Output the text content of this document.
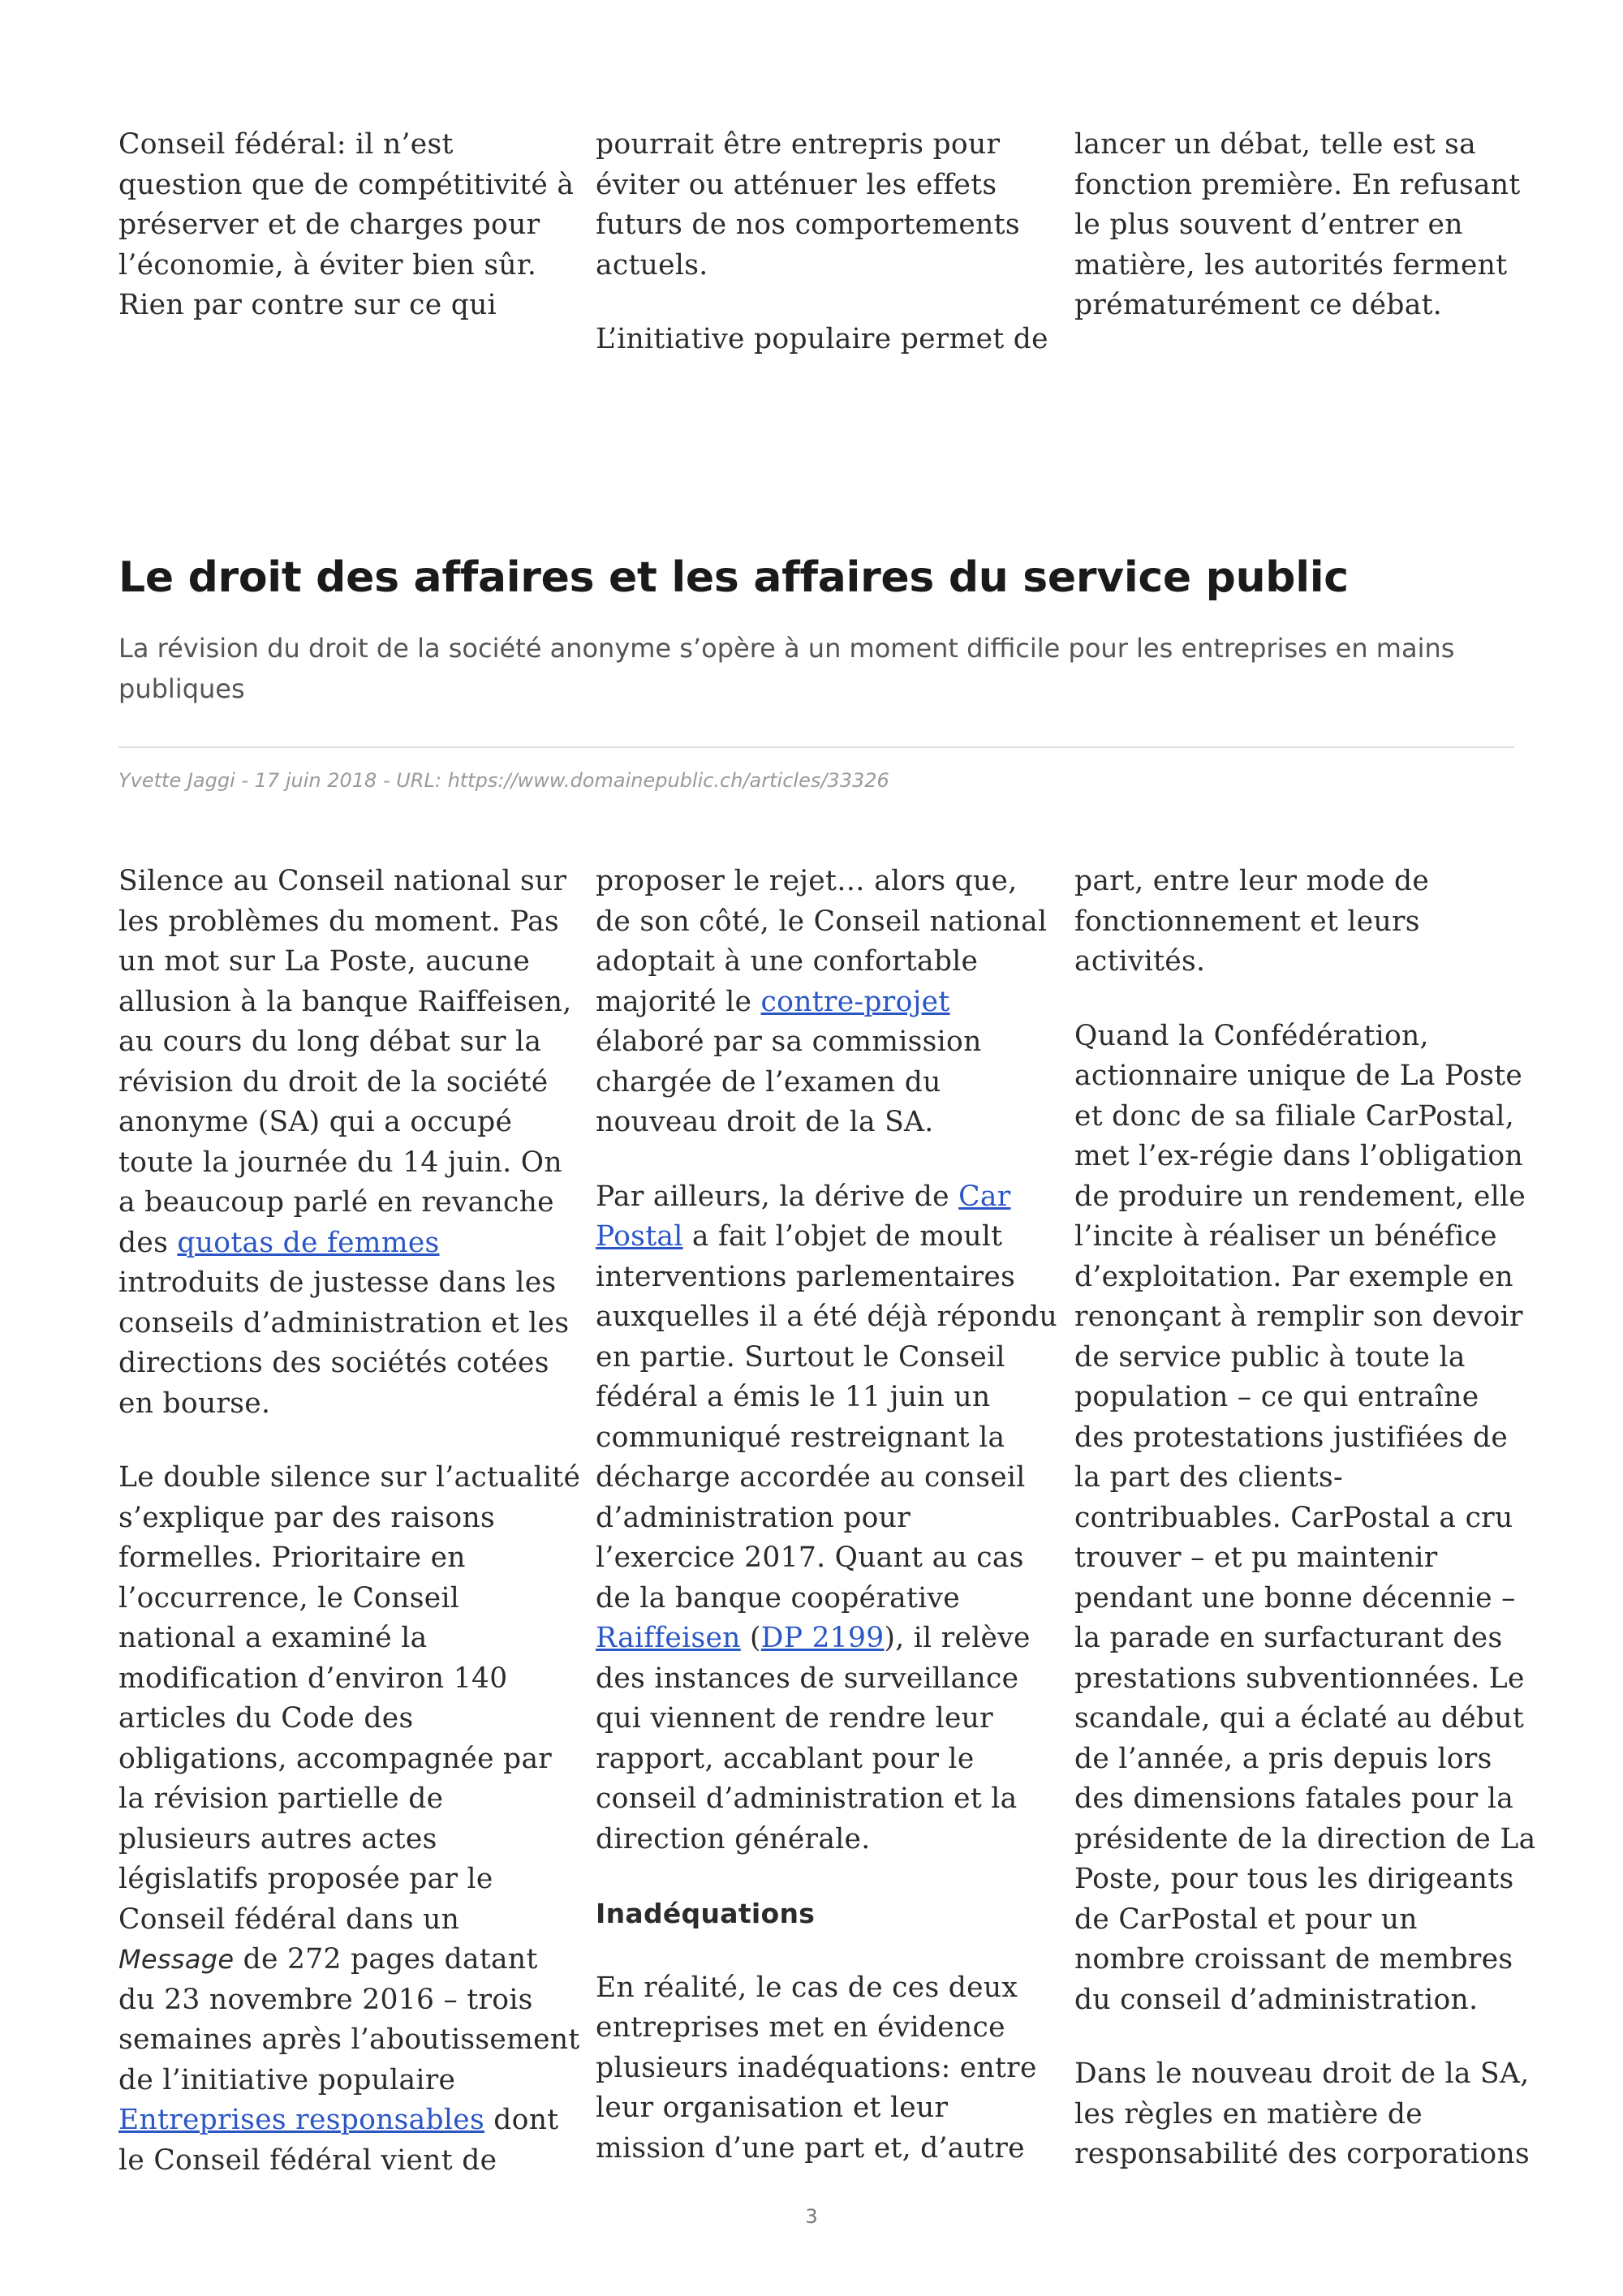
Conseil fédéral: il n’est
question que de compétitivité à
préserver et de charges pour
l’économie, à éviter bien sûr.
Rien par contre sur ce qui

pourrait être entrepris pour
éviter ou atténuer les effets
futurs de nos comportements
actuels.

L’initiative populaire permet de

lancer un débat, telle est sa
fonction première. En refusant
le plus souvent d’entrer en
matière, les autorités ferment
prématurément ce débat.

Le droit des affaires et les affaires du service public

La révision du droit de la société anonyme s’opère à un moment difficile pour les entreprises en mains publiques

Yvette Jaggi - 17 juin 2018 - URL: https://www.domainepublic.ch/articles/33326

Silence au Conseil national sur
les problèmes du moment. Pas
un mot sur La Poste, aucune
allusion à la banque Raiffeisen,
au cours du long débat sur la
révision du droit de la société
anonyme (SA) qui a occupé
toute la journée du 14 juin. On
a beaucoup parlé en revanche
des quotas de femmes
introduits de justesse dans les
conseils d’administration et les
directions des sociétés cotées
en bourse.

Le double silence sur l’actualité
s’explique par des raisons
formelles. Prioritaire en
l’occurrence, le Conseil
national a examiné la
modification d’environ 140
articles du Code des
obligations, accompagnée par
la révision partielle de
plusieurs autres actes
législatifs proposée par le
Conseil fédéral dans un
Message de 272 pages datant
du 23 novembre 2016 – trois
semaines après l’aboutissement
de l’initiative populaire
Entreprises responsables dont
le Conseil fédéral vient de

proposer le rejet… alors que,
de son côté, le Conseil national
adoptait à une confortable
majorité le contre-projet
élaboré par sa commission
chargée de l’examen du
nouveau droit de la SA.

Par ailleurs, la dérive de Car
Postal a fait l’objet de moult
interventions parlementaires
auxquelles il a été déjà répondu
en partie. Surtout le Conseil
fédéral a émis le 11 juin un
communiqué restreignant la
décharge accordée au conseil
d’administration pour
l’exercice 2017. Quant au cas
de la banque coopérative
Raiffeisen (DP 2199), il relève
des instances de surveillance
qui viennent de rendre leur
rapport, accablant pour le
conseil d’administration et la
direction générale.

Inadéquations

En réalité, le cas de ces deux
entreprises met en évidence
plusieurs inadéquations: entre
leur organisation et leur
mission d’une part et, d’autre

part, entre leur mode de
fonctionnement et leurs
activités.

Quand la Confédération,
actionnaire unique de La Poste
et donc de sa filiale CarPostal,
met l’ex-régie dans l’obligation
de produire un rendement, elle
l’incite à réaliser un bénéfice
d’exploitation. Par exemple en
renonçant à remplir son devoir
de service public à toute la
population – ce qui entraîne
des protestations justifiées de
la part des clients-
contribuables. CarPostal a cru
trouver – et pu maintenir
pendant une bonne décennie –
la parade en surfacturant des
prestations subventionnées. Le
scandale, qui a éclaté au début
de l’année, a pris depuis lors
des dimensions fatales pour la
présidente de la direction de La
Poste, pour tous les dirigeants
de CarPostal et pour un
nombre croissant de membres
du conseil d’administration.

Dans le nouveau droit de la SA,
les règles en matière de
responsabilité des corporations

3
